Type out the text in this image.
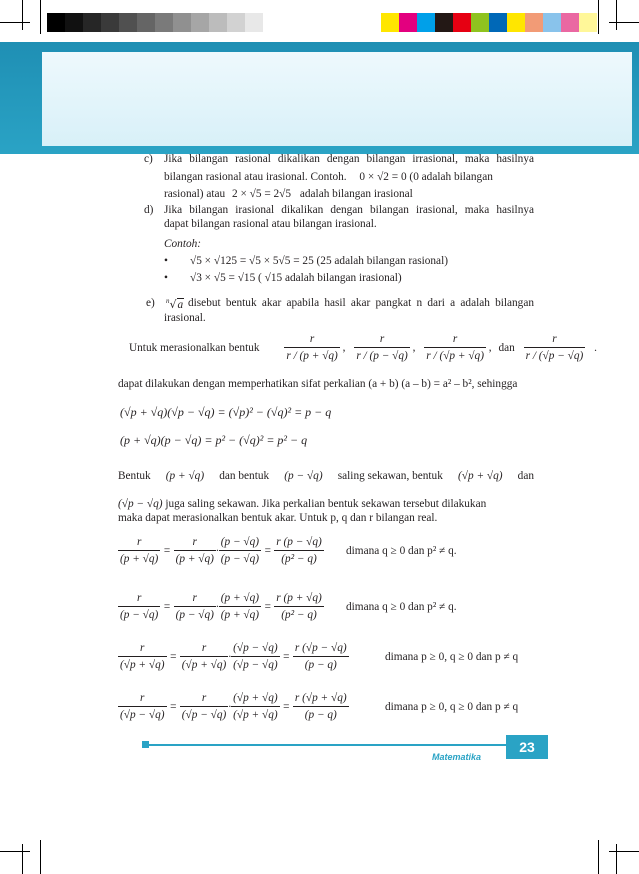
c) Jika bilangan rasional dikalikan dengan bilangan irrasional, maka hasilnya
bilangan rasional atau irasional. Contoh. 0 × √2 = 0 (0 adalah bilangan
rasional) atau 2 × √5 = 2√5 adalah bilangan irasional
d) Jika bilangan irasional dikalikan dengan bilangan irasional, maka hasilnya
dapat bilangan rasional atau bilangan irasional.
Contoh:
• √5 × √125 = √5 × 5√5 = 25 (25 adalah bilangan rasional)
• √3 × √5 = √15 ( √15 adalah bilangan irasional)
e) $^n$√a disebut bentuk akar apabila hasil akar pangkat n dari a adalah bilangan
irasional.
Untuk merasionalkan bentuk $\frac{r}{r / (p + √q)}$ , $\frac{r}{r / (p - √q)}$ , $\frac{r}{r / (√p + √q)}$ , dan $\frac{r}{r / (√p - √q)}$ .
dapat dilakukan dengan memperhatikan sifat perkalian (a + b) (a – b) = a² – b², sehingga
(√p + √q)(√p − √q) = (√p)² − (√q)² = p − q
(p + √q)(p − √q) = p² − (√q)² = p² − q
Bentuk (p + √q) dan bentuk (p − √q) saling sekawan, bentuk (√p + √q) dan
(√p − √q) juga saling sekawan. Jika perkalian bentuk sekawan tersebut dilakukan
maka dapat merasionalkan bentuk akar. Untuk p, q dan r bilangan real.
$\frac{r}{(p + √q)} = \frac{r}{(p + √q)} \cdot \frac{(p - √q)}{(p - √q)} = \frac{r (p - √q)}{\text{(p² − q)}}$ dimana q ≥ 0 dan p² ≠ q.
$\frac{r}{(p - √q)} = \frac{r}{(p - √q)} \cdot \frac{(p + √q)}{(p + √q)} = \frac{r (p + √q)}{\text{(p² − q)}}$ dimana q ≥ 0 dan p² ≠ q.
$\frac{r}{(√p + √q)} = \frac{r}{(√p + √q)} \cdot \frac{(√p - √q)}{(√p - √q)} = \frac{r (√p - √q)}{(p - q)}$	dimana p ≥ 0, q ≥ 0 dan p ≠ q
$\frac{r}{(√p - √q)} = \frac{r}{(√p - √q)} \cdot \frac{(√p + √q)}{(√p + √q)} = \frac{r (√p + √q)}{(p - q)}$	dimana p ≥ 0, q ≥ 0 dan p ≠ q
Matematika
23
